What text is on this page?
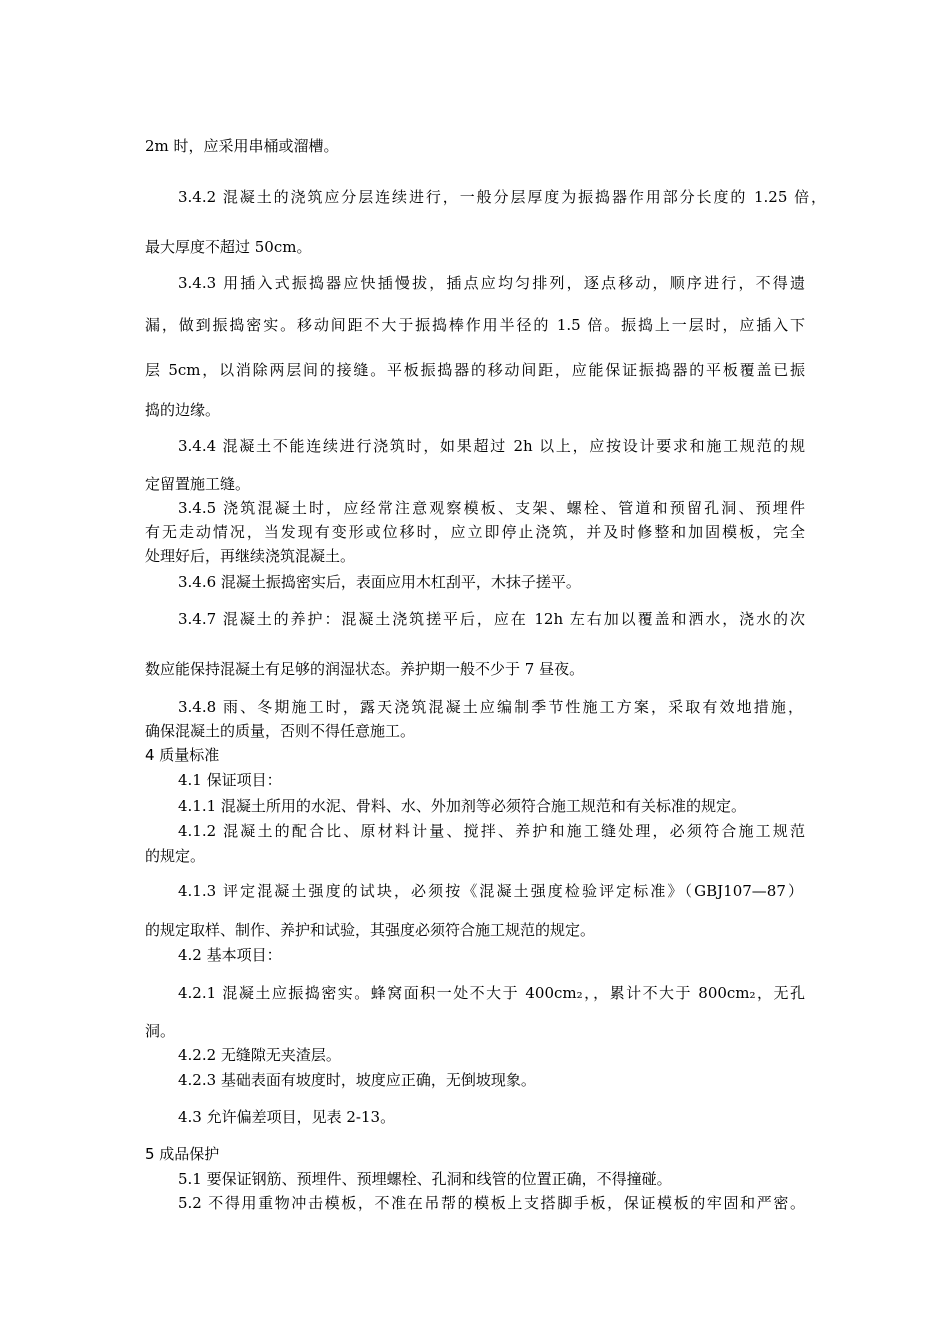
2m 时，应采用串桶或溜槽。
3.4.2 混凝土的浇筑应分层连续进行，一般分层厚度为振捣器作用部分长度的 1.25 倍，
最大厚度不超过 50cm。
3.4.3 用插入式振捣器应快插慢拔，插点应均匀排列，逐点移动，顺序进行，不得遗
漏，做到振捣密实。移动间距不大于振捣棒作用半径的 1.5 倍。振捣上一层时，应插入下
层 5cm，以消除两层间的接缝。平板振捣器的移动间距，应能保证振捣器的平板覆盖已振
捣的边缘。
3.4.4 混凝土不能连续进行浇筑时，如果超过 2h 以上，应按设计要求和施工规范的规
定留置施工缝。
3.4.5 浇筑混凝土时，应经常注意观察模板、支架、螺栓、管道和预留孔洞、预埋件
有无走动情况，当发现有变形或位移时，应立即停止浇筑，并及时修整和加固模板，完全
处理好后，再继续浇筑混凝土。
3.4.6 混凝土振捣密实后，表面应用木杠刮平，木抹子搓平。
3.4.7 混凝土的养护：混凝土浇筑搓平后，应在 12h 左右加以覆盖和洒水，浇水的次
数应能保持混凝土有足够的润湿状态。养护期一般不少于 7 昼夜。
3.4.8 雨、冬期施工时，露天浇筑混凝土应编制季节性施工方案，采取有效地措施，
确保混凝土的质量，否则不得任意施工。
4 质量标准
4.1 保证项目：
4.1.1 混凝土所用的水泥、骨料、水、外加剂等必须符合施工规范和有关标准的规定。
4.1.2 混凝土的配合比、原材料计量、搅拌、养护和施工缝处理，必须符合施工规范
的规定。
4.1.3 评定混凝土强度的试块，必须按《混凝土强度检验评定标准》（GBJ107—87）
的规定取样、制作、养护和试验，其强度必须符合施工规范的规定。
4.2 基本项目：
4.2.1 混凝土应振捣密实。蜂窝面积一处不大于 400cm₂，，累计不大于 800cm₂，无孔
洞。
4.2.2 无缝隙无夹渣层。
4.2.3 基础表面有坡度时，坡度应正确，无倒坡现象。
4.3 允许偏差项目，见表 2-13。
5 成品保护
5.1 要保证钢筋、预埋件、预埋螺栓、孔洞和线管的位置正确，不得撞碰。
5.2 不得用重物冲击模板，不准在吊帮的模板上支搭脚手板，保证模板的牢固和严密。
